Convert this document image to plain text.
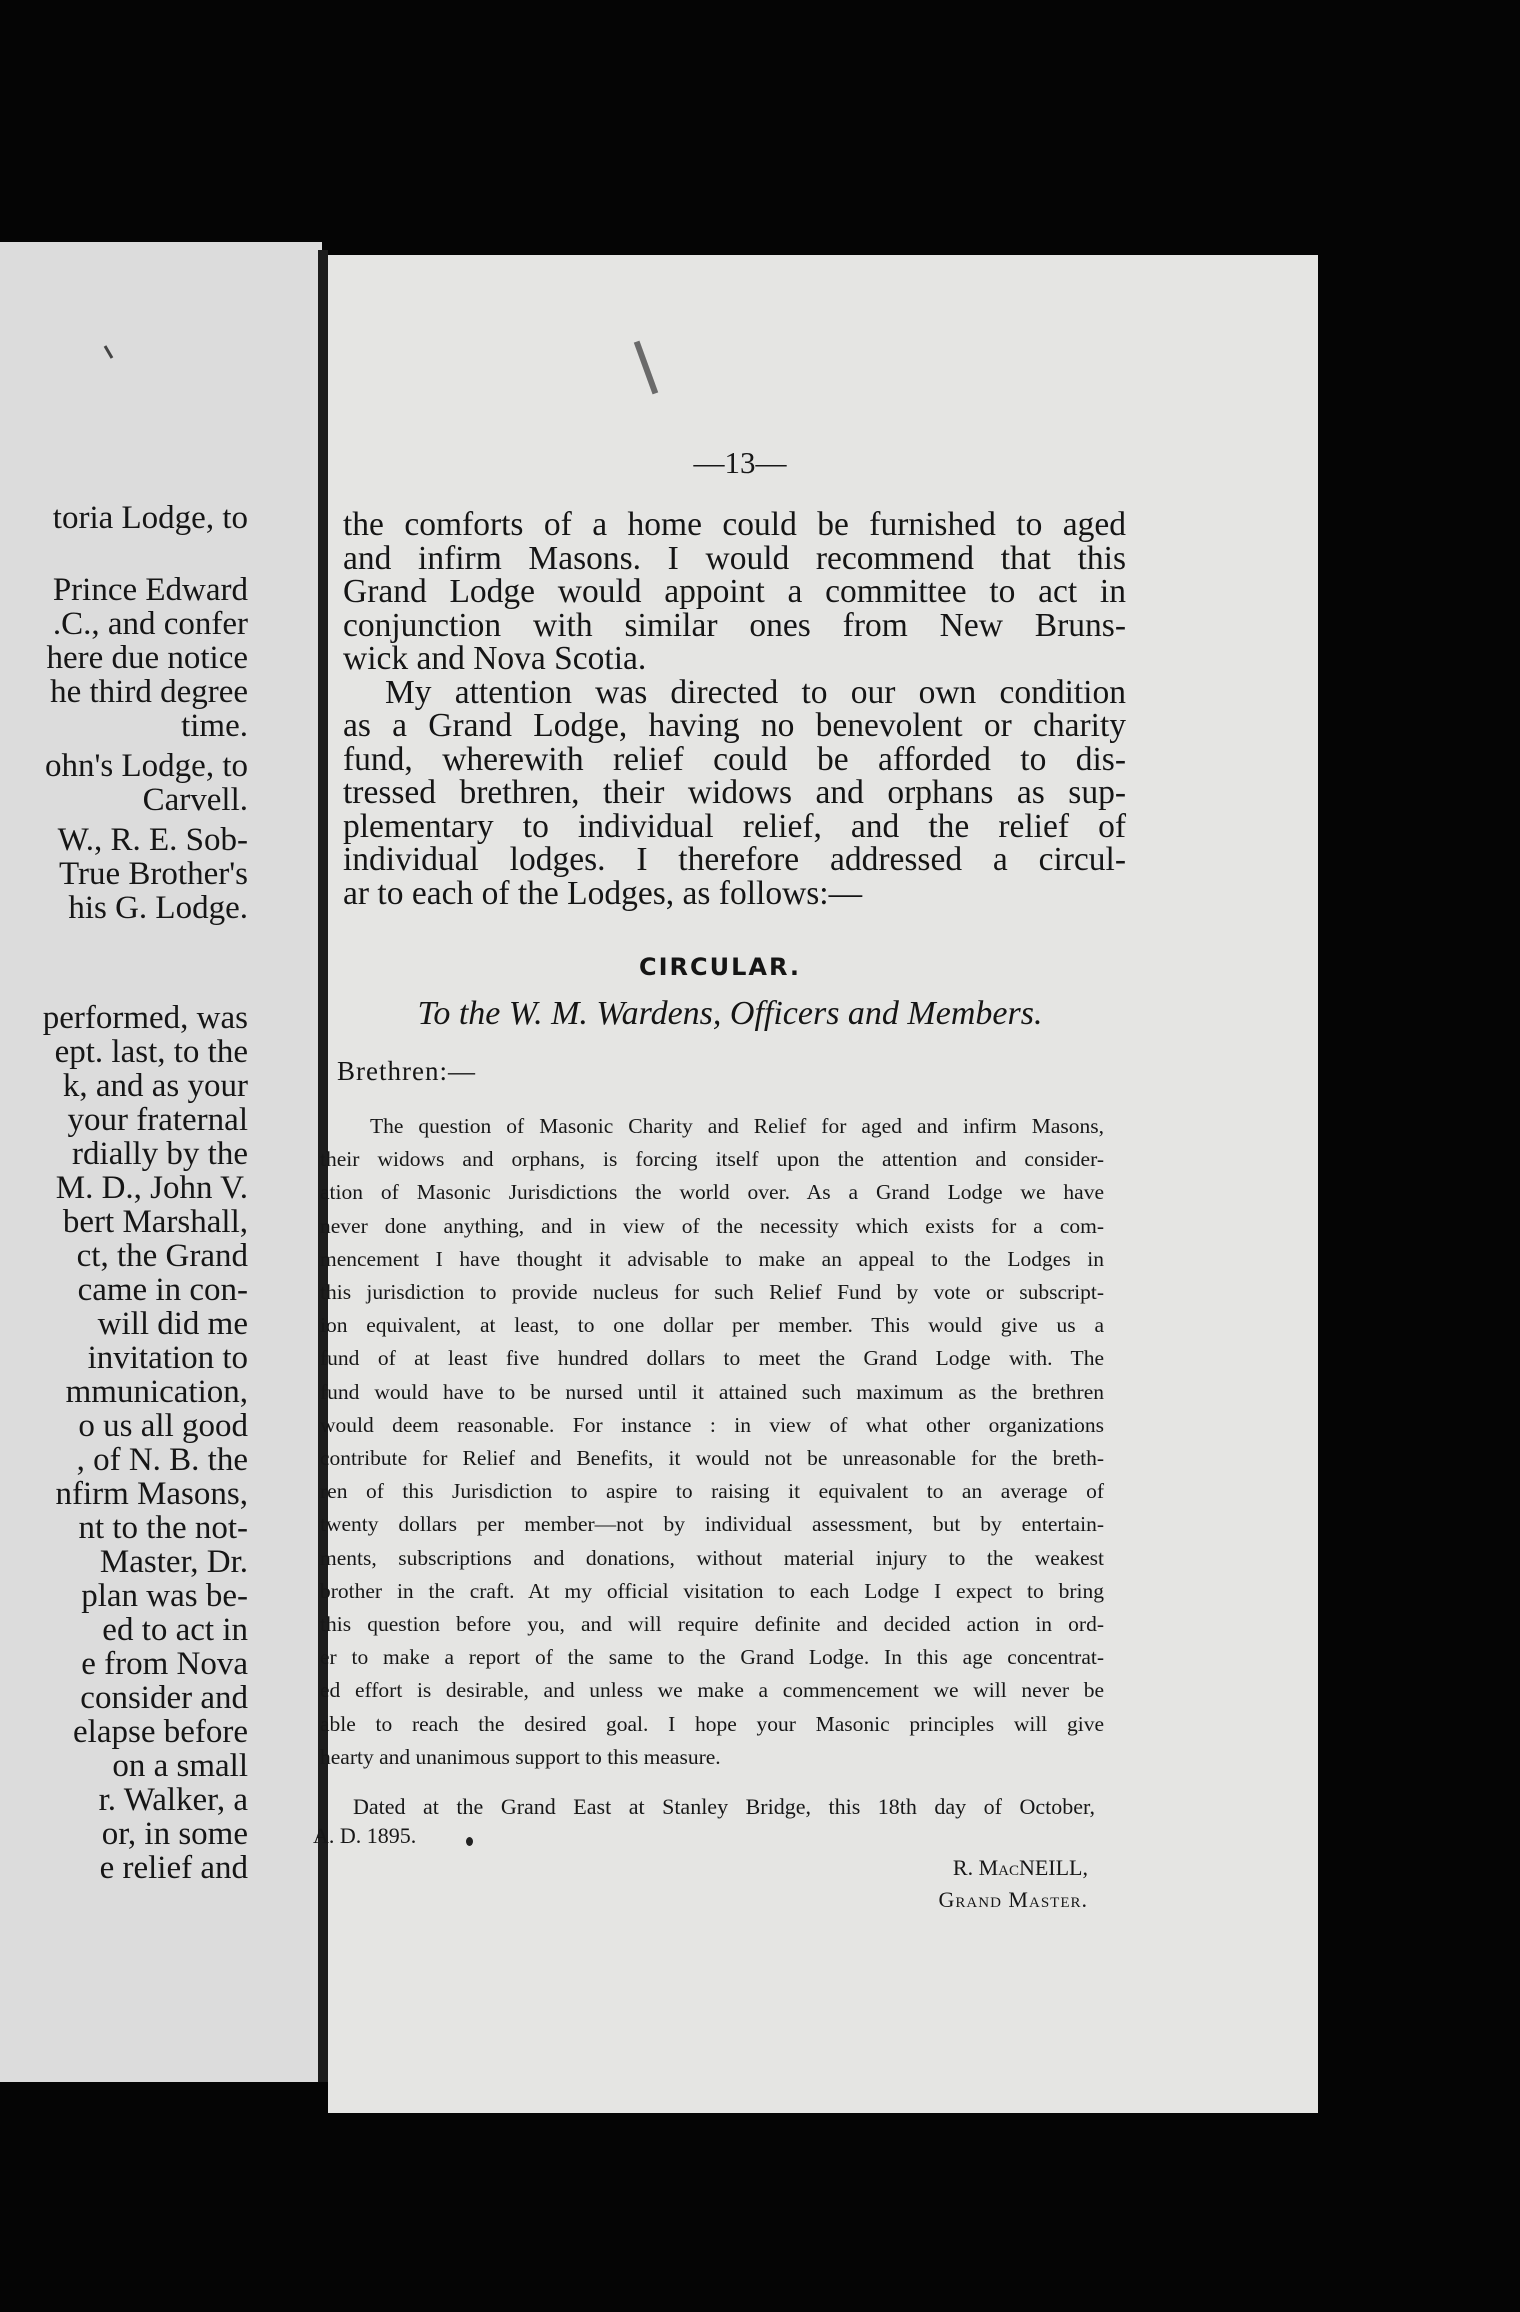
toria Lodge, to
Prince Edward
.C., and confer
here due notice
he third degree
time.
ohn's Lodge, to
Carvell.
W., R. E. Sob-
True Brother's
his G. Lodge.
performed, was
ept. last, to the
k, and as your
your fraternal
rdially by the
M. D., John V.
bert Marshall,
ct, the Grand
came in con-
will did me
invitation to
mmunication,
o us all good
, of N. B. the
nfirm Masons,
nt to the not-
Master, Dr.
plan was be-
ed to act in
e from Nova
consider and
elapse before
on a small
r. Walker, a
or, in some
e relief and
—13—
the comforts of a home could be furnished to aged
and infirm Masons. I would recommend that this
Grand Lodge would appoint a committee to act in
conjunction with similar ones from New Bruns-
wick and Nova Scotia.
My attention was directed to our own condition
as a Grand Lodge, having no benevolent or charity
fund, wherewith relief could be afforded to dis-
tressed brethren, their widows and orphans as sup-
plementary to individual relief, and the relief of
individual lodges. I therefore addressed a circul-
ar to each of the Lodges, as follows:—
CIRCULAR.
To the W. M. Wardens, Officers and Members.
Brethren:—
The question of Masonic Charity and Relief for aged and infirm Masons,
their widows and orphans, is forcing itself upon the attention and consider-
ation of Masonic Jurisdictions the world over. As a Grand Lodge we have
never done anything, and in view of the necessity which exists for a com-
mencement I have thought it advisable to make an appeal to the Lodges in
this jurisdiction to provide nucleus for such Relief Fund by vote or subscript-
ion equivalent, at least, to one dollar per member. This would give us a
fund of at least five hundred dollars to meet the Grand Lodge with. The
fund would have to be nursed until it attained such maximum as the brethren
would deem reasonable. For instance : in view of what other organizations
contribute for Relief and Benefits, it would not be unreasonable for the breth-
ren of this Jurisdiction to aspire to raising it equivalent to an average of
twenty dollars per member—not by individual assessment, but by entertain-
ments, subscriptions and donations, without material injury to the weakest
brother in the craft. At my official visitation to each Lodge I expect to bring
this question before you, and will require definite and decided action in ord-
er to make a report of the same to the Grand Lodge. In this age concentrat-
ed effort is desirable, and unless we make a commencement we will never be
able to reach the desired goal. I hope your Masonic principles will give
hearty and unanimous support to this measure.
Dated at the Grand East at Stanley Bridge, this 18th day of October,
A. D. 1895.
R. MacNEILL,
Grand Master.
